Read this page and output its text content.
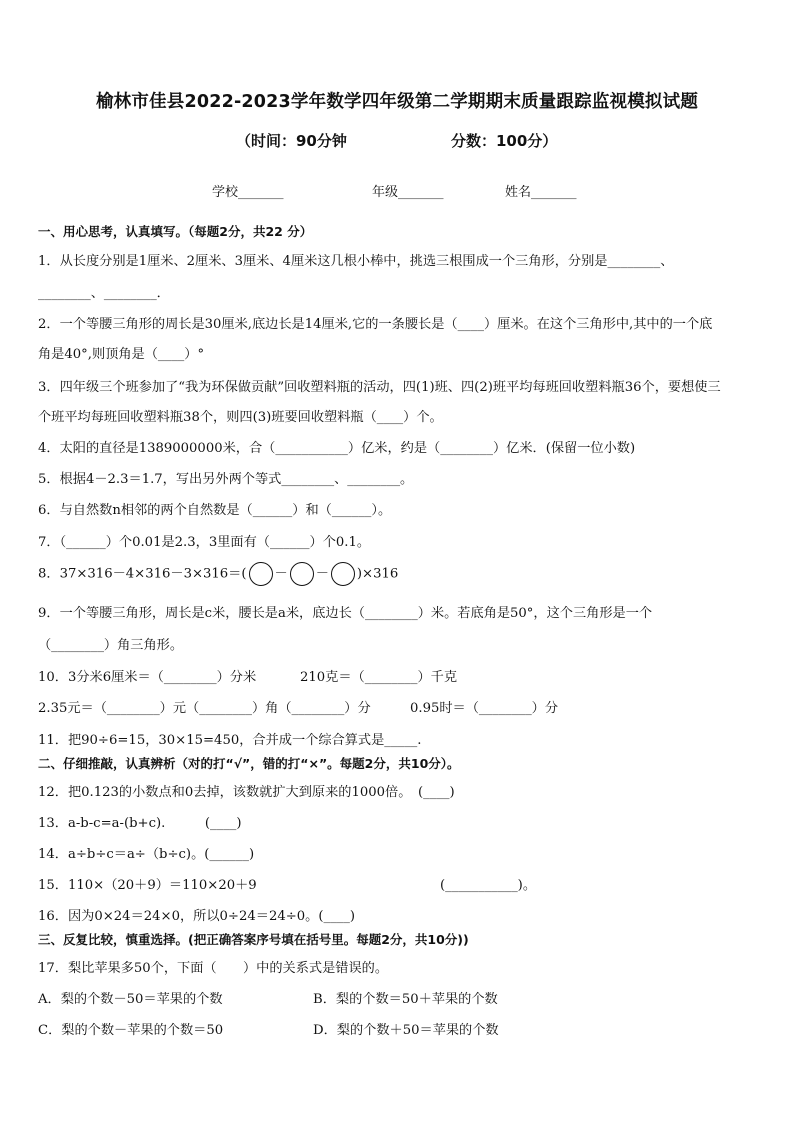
榆林市佳县2022-2023学年数学四年级第二学期期末质量跟踪监视模拟试题
（时间：90分钟	分数：100分）
学校_______	年级_______	姓名_______
一、用心思考，认真填写。（每题2分，共22 分）
1．从长度分别是1厘米、2厘米、3厘米、4厘米这几根小棒中，挑选三根围成一个三角形，分别是________、
________、________．
2．一个等腰三角形的周长是30厘米,底边长是14厘米,它的一条腰长是（____）厘米。在这个三角形中,其中的一个底
角是40°,则顶角是（____）°
3．四年级三个班参加了“我为环保做贡献”回收塑料瓶的活动，四(1)班、四(2)班平均每班回收塑料瓶36个，要想使三
个班平均每班回收塑料瓶38个，则四(3)班要回收塑料瓶（____）个。
4．太阳的直径是1389000000米，合（___________）亿米，约是（________）亿米．(保留一位小数)
5．根据4－2.3＝1.7，写出另外两个等式________、________。
6．与自然数n相邻的两个自然数是（______）和（______）。
7．（______）个0.01是2.3，3里面有（______）个0.1。
8．37×316－4×316－3×316＝( － － )×316
9．一个等腰三角形，周长是c米，腰长是a米，底边长（________）米。若底角是50°，这个三角形是一个
（________）角三角形。
10．3分米6厘米＝（________）分米	210克＝（________）千克
2.35元＝（________）元（________）角（________）分	0.95时＝（________）分
11．把90÷6=15，30×15=450，合并成一个综合算式是_____.
二、仔细推敲，认真辨析（对的打“√”，错的打“×”。每题2分，共10分）。
12．把0.123的小数点和0去掉，该数就扩大到原来的1000倍。　(____)
13．a-b-c=a-(b+c).　　　(____)
14．a÷b÷c＝a÷（b÷c)。(______)
15．110×（20＋9）＝110×20＋9	(___________)。
16．因为0×24＝24×0，所以0÷24＝24÷0。(____)
三、反复比较，慎重选择。(把正确答案序号填在括号里。每题2分，共10分))
17．梨比苹果多50个，下面（　　）中的关系式是错误的。
A．梨的个数－50＝苹果的个数	B．梨的个数＝50＋苹果的个数
C．梨的个数－苹果的个数＝50	D．梨的个数＋50＝苹果的个数
